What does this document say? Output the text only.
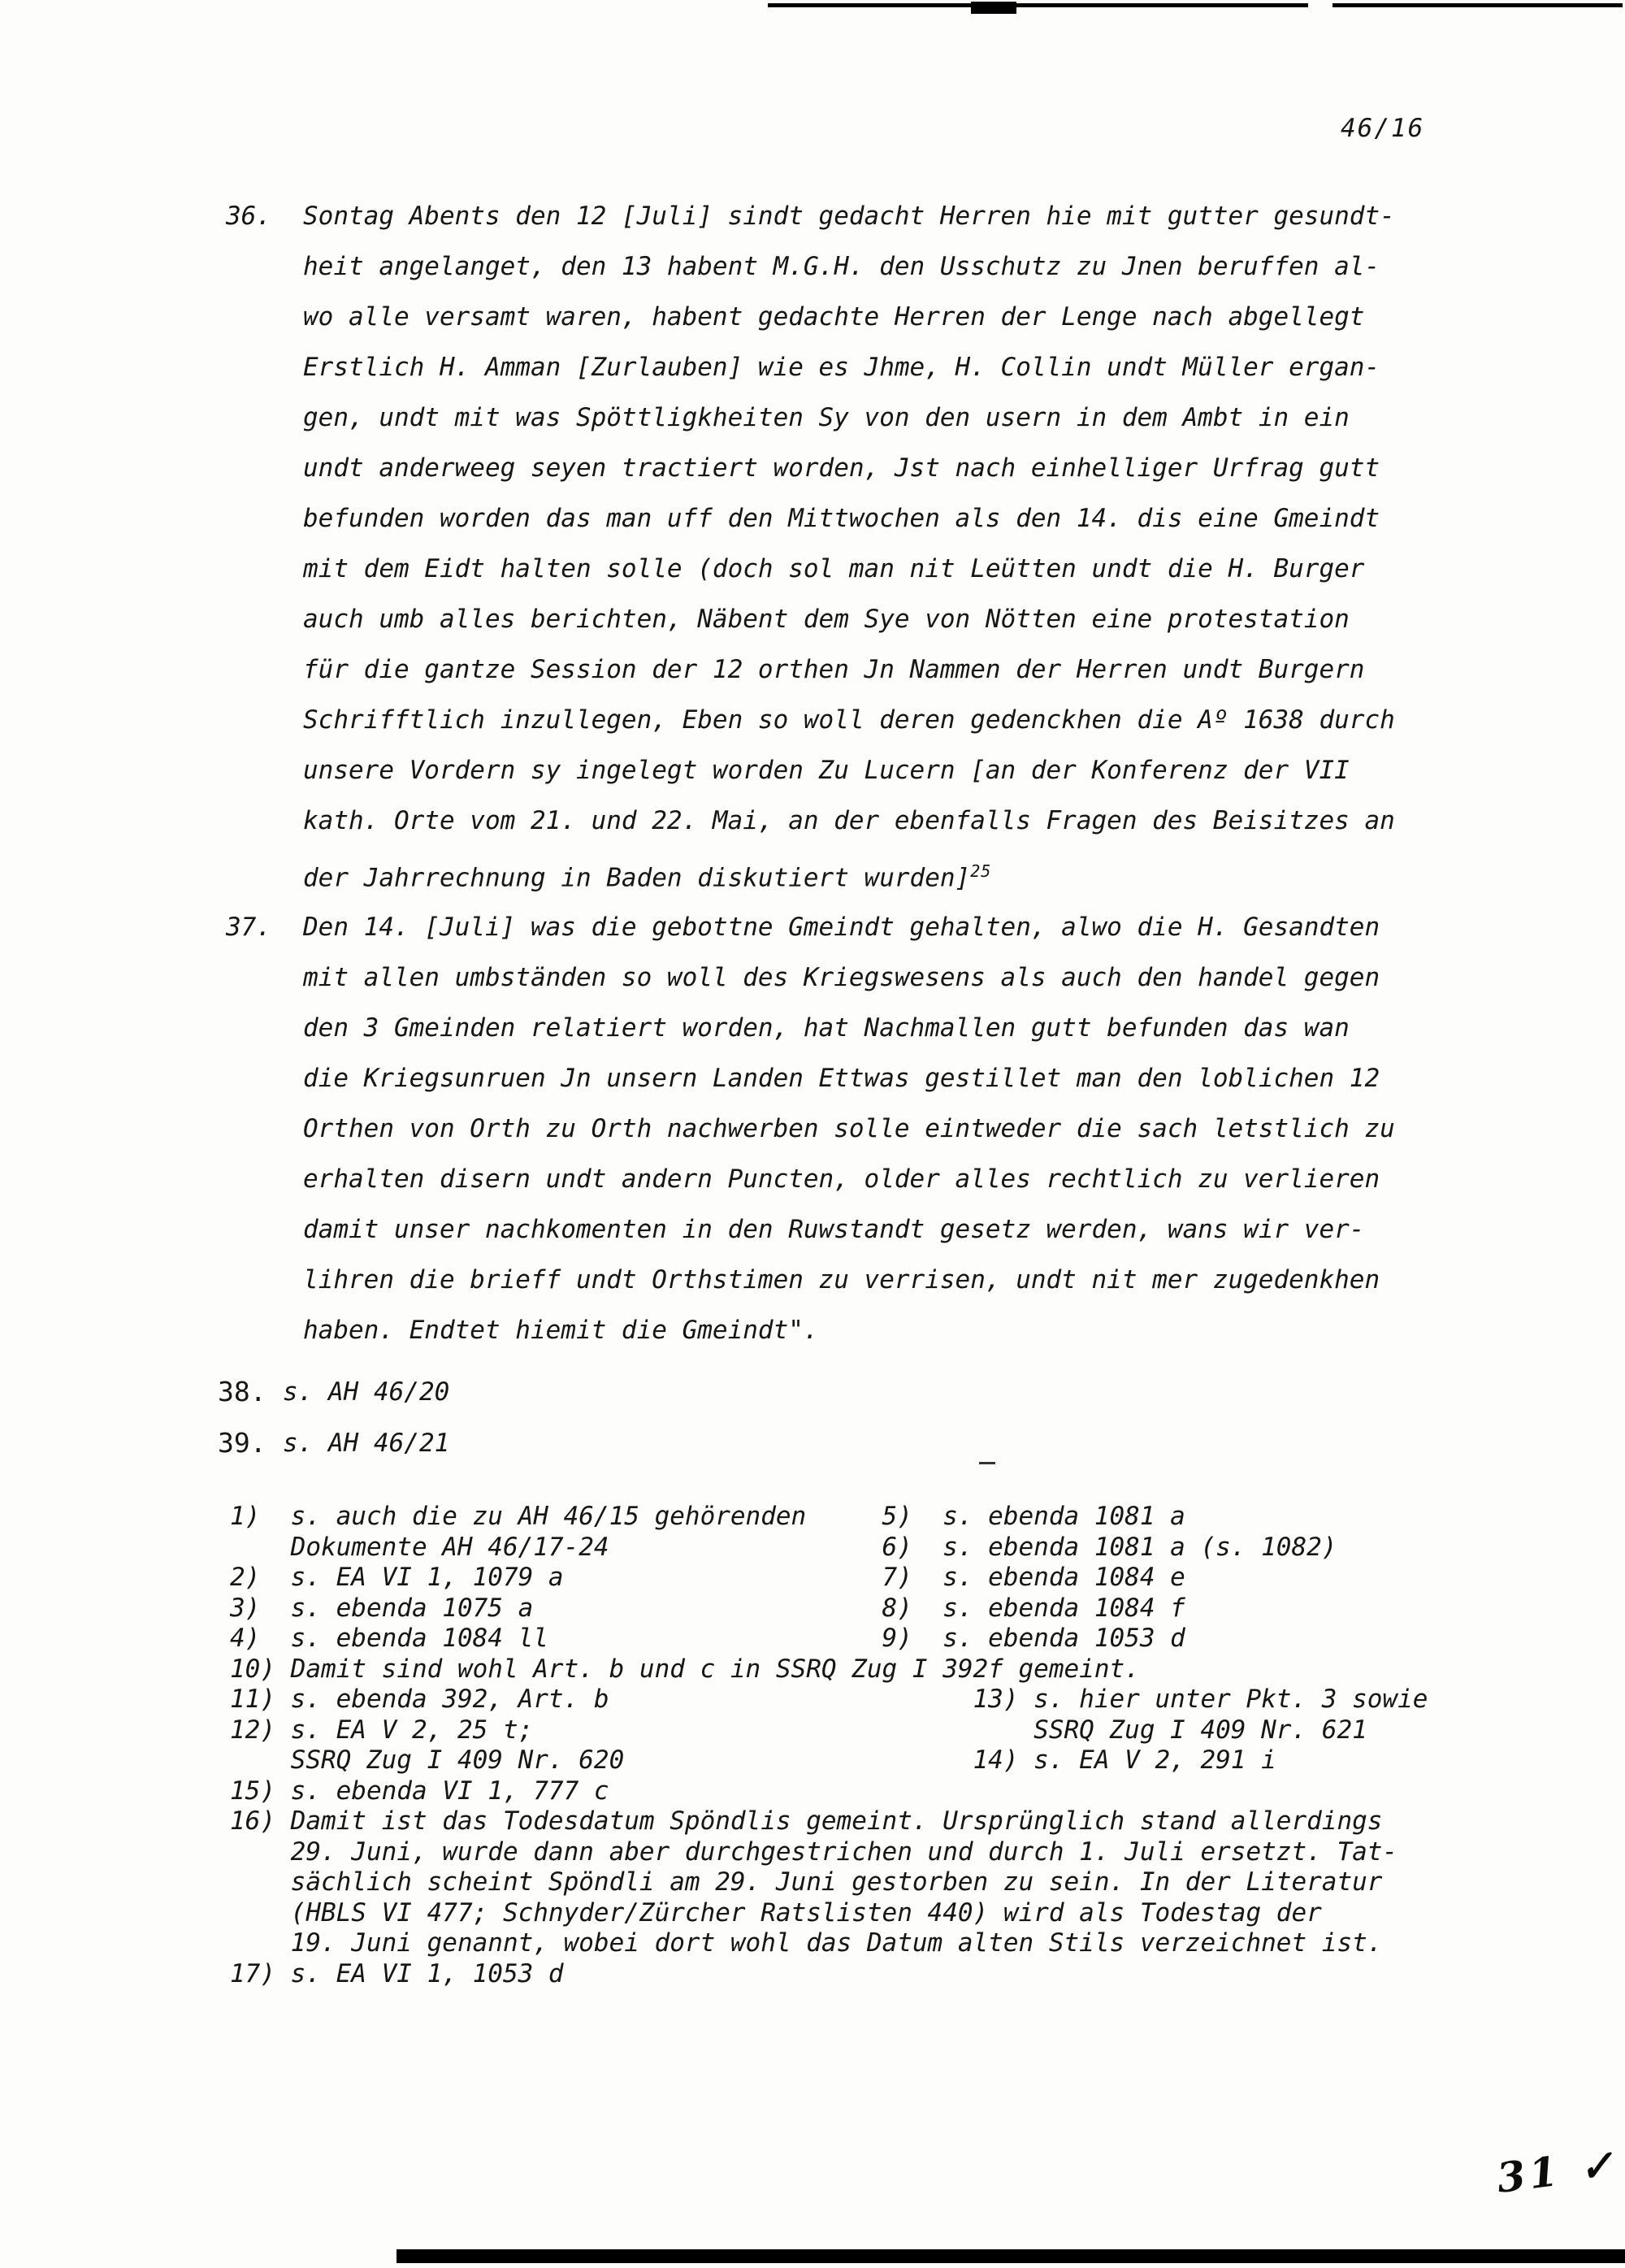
46/16
36. Sontag Abents den 12 [Juli] sindt gedacht Herren hie mit gutter gesundt-
heit angelanget, den 13 habent M.G.H. den Usschutz zu Jnen beruffen al-
wo alle versamt waren, habent gedachte Herren der Lenge nach abgellegt
Erstlich H. Amman [Zurlauben] wie es Jhme, H. Collin undt Müller ergan-
gen, undt mit was Spöttligkheiten Sy von den usern in dem Ambt in ein
undt anderweeg seyen tractiert worden, Jst nach einhelliger Urfrag gutt
befunden worden das man uff den Mittwochen als den 14. dis eine Gmeindt
mit dem Eidt halten solle (doch sol man nit Leütten undt die H. Burger
auch umb alles berichten, Näbent dem Sye von Nötten eine protestation
für die gantze Session der 12 orthen Jn Nammen der Herren undt Burgern
Schrifftlich inzullegen, Eben so woll deren gedenckhen die Aº 1638 durch
unsere Vordern sy ingelegt worden Zu Lucern [an der Konferenz der VII
kath. Orte vom 21. und 22. Mai, an der ebenfalls Fragen des Beisitzes an
der Jahrrechnung in Baden diskutiert wurden]$^{25}$
37. Den 14. [Juli] was die gebottne Gmeindt gehalten, alwo die H. Gesandten
mit allen umbständen so woll des Kriegswesens als auch den handel gegen
den 3 Gmeinden relatiert worden, hat Nachmallen gutt befunden das wan
die Kriegsunruen Jn unsern Landen Ettwas gestillet man den loblichen 12
Orthen von Orth zu Orth nachwerben solle eintweder die sach letstlich zu
erhalten disern undt andern Puncten, older alles rechtlich zu verlieren
damit unser nachkomenten in den Ruwstandt gesetz werden, wans wir ver-
lihren die brieff undt Orthstimen zu verrisen, undt nit mer zugedenkhen
haben. Endtet hiemit die Gmeindt".
38. s. AH 46/20
39. s. AH 46/21
1)  s. auch die zu AH 46/15 gehörenden     5)  s. ebenda 1081 a
Dokumente AH 46/17-24                  6)  s. ebenda 1081 a (s. 1082)
2)  s. EA VI 1, 1079 a                     7)  s. ebenda 1084 e
3)  s. ebenda 1075 a                       8)  s. ebenda 1084 f
4)  s. ebenda 1084 ll                      9)  s. ebenda 1053 d
10) Damit sind wohl Art. b und c in SSRQ Zug I 392f gemeint.
11) s. ebenda 392, Art. b                        13) s. hier unter Pkt. 3 sowie
12) s. EA V 2, 25 t;                                 SSRQ Zug I 409 Nr. 621
SSRQ Zug I 409 Nr. 620                       14) s. EA V 2, 291 i
15) s. ebenda VI 1, 777 c
16) Damit ist das Todesdatum Spöndlis gemeint. Ursprünglich stand allerdings
29. Juni, wurde dann aber durchgestrichen und durch 1. Juli ersetzt. Tat-
sächlich scheint Spöndli am 29. Juni gestorben zu sein. In der Literatur
(HBLS VI 477; Schnyder/Zürcher Ratslisten 440) wird als Todestag der
19. Juni genannt, wobei dort wohl das Datum alten Stils verzeichnet ist.
17) s. EA VI 1, 1053 d
31 ✓
